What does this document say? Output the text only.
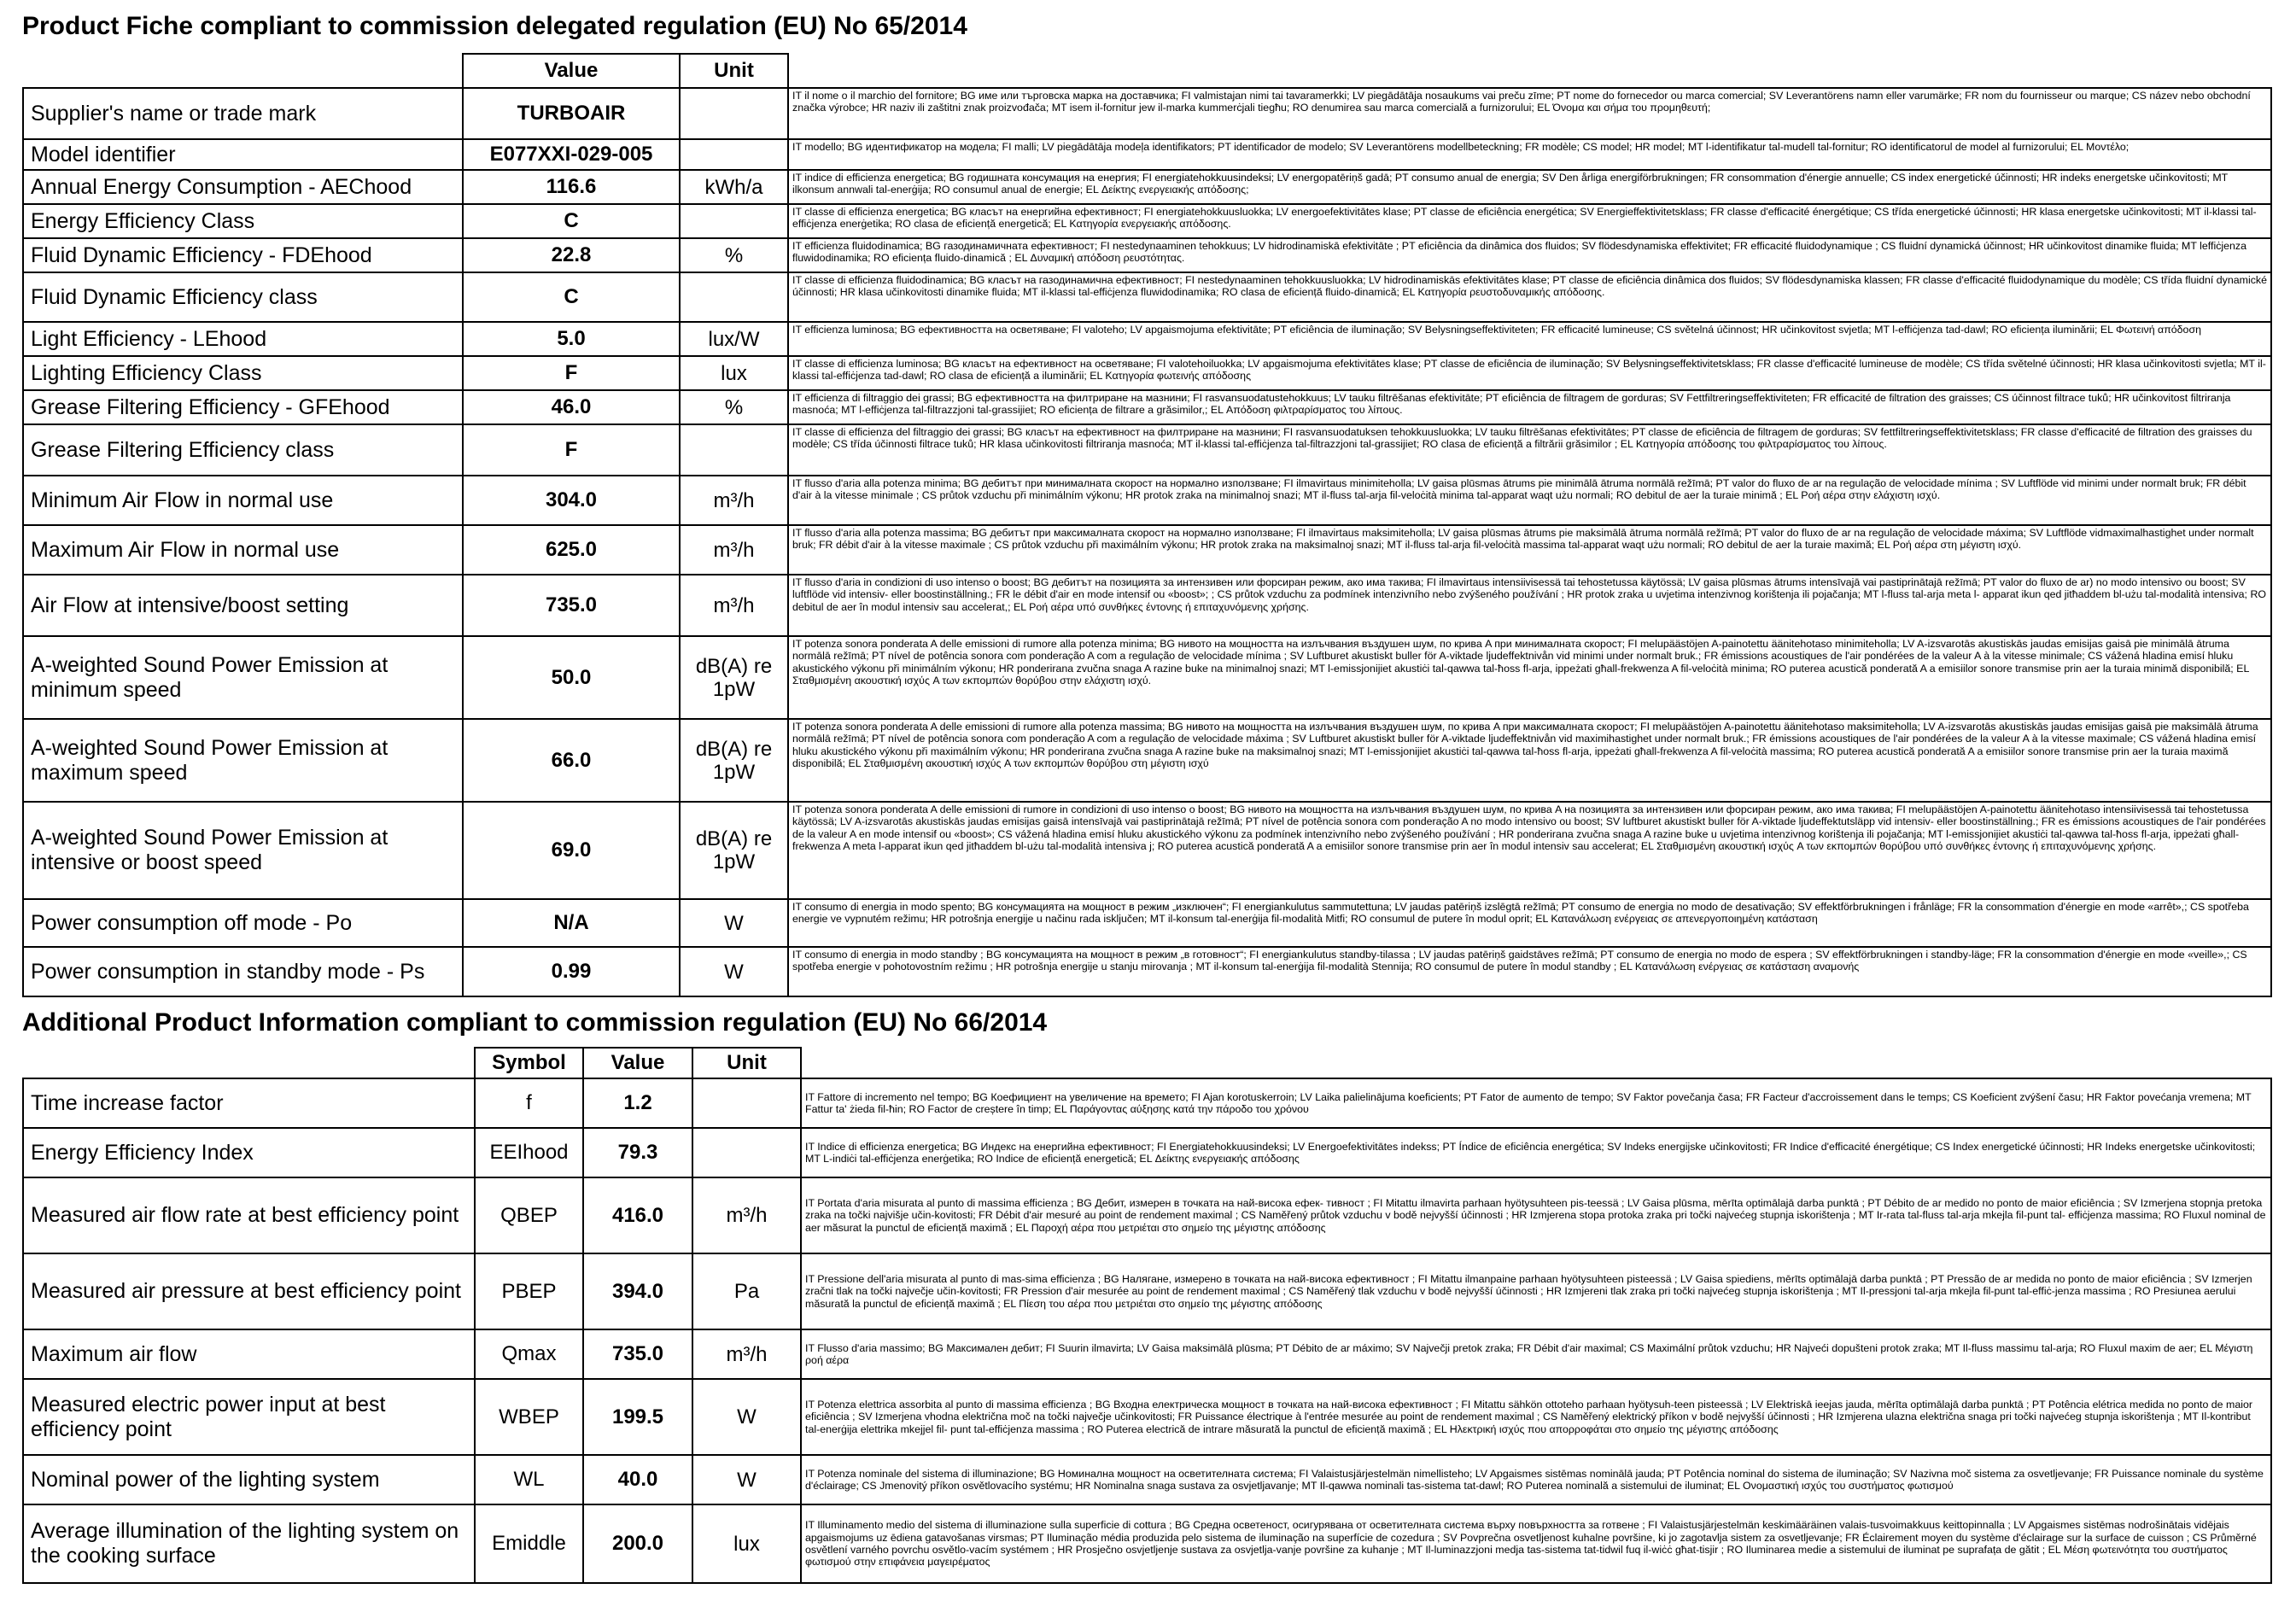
Product Fiche compliant to commission delegated regulation (EU) No 65/2014
	Value	Unit	
Supplier's name or trade mark	TURBOAIR		IT il nome o il marchio del fornitore; BG име или търговска марка на доставчика; FI valmistajan nimi tai tavaramerkki; LV piegādātāja nosaukums vai preču zīme; PT nome do fornecedor ou marca comercial; SV Leverantörens namn eller varumärke; FR nom du fournisseur ou marque; CS název nebo obchodní značka výrobce; HR naziv ili zaštitni znak proizvođača; MT isem il-fornitur jew il-marka kummerċjali tiegħu; RO denumirea sau marca comercială a furnizorului; EL Όνομα και σήμα του προμηθευτή;
Model identifier	E077XXI-029-005		IT modello; BG идентификатор на модела; FI malli; LV piegādātāja modeļa identifikators; PT identificador de modelo; SV Leverantörens modellbeteckning; FR modèle; CS model; HR model; MT l-identifikatur tal-mudell tal-fornitur; RO identificatorul de model al furnizorului; EL Μοντέλο;
Annual Energy Consumption - AEChood	116.6	kWh/a	IT indice di efficienza energetica; BG годишната консумация на енергия; FI energiatehokkuusindeksi; LV energopatēriņš gadā; PT consumo anual de energia; SV Den årliga energiförbrukningen; FR consommation d'énergie annuelle; CS index energetické účinnosti; HR indeks energetske učinkovitosti; MT ilkonsum annwali tal-enerġija; RO consumul anual de energie; EL Δείκτης ενεργειακής απόδοσης;
Energy Efficiency Class	C		IT classe di efficienza energetica; BG класът на енергийна ефективност; FI energiatehokkuusluokka; LV energoefektivitātes klase; PT classe de eficiência energética; SV Energieffektivitetsklass; FR classe d'efficacité énergétique; CS třída energetické účinnosti; HR klasa energetske učinkovitosti; MT il-klassi tal-effiċjenza enerġetika; RO clasa de eficiență energetică; EL Κατηγορία ενεργειακής απόδοσης.
Fluid Dynamic Efficiency - FDEhood	22.8	%	IT efficienza fluidodinamica; BG газодинамичната ефективност; FI nestedynaaminen tehokkuus; LV hidrodinamiskā efektivitāte ; PT eficiência da dinâmica dos fluidos; SV flödesdynamiska effektivitet; FR efficacité fluidodynamique ; CS fluidní dynamická účinnost; HR učinkovitost dinamike fluida; MT leffiċjenza fluwidodinamika; RO eficiența fluido-dinamică ; EL Δυναμική απόδοση ρευστότητας.
Fluid Dynamic Efficiency class	C		IT classe di efficienza fluidodinamica; BG класът на газодинамична ефективност; FI nestedynaaminen tehokkuusluokka; LV hidrodinamiskās efektivitātes klase; PT classe de eficiência dinâmica dos fluidos; SV flödesdynamiska klassen; FR classe d'efficacité fluidodynamique du modèle; CS třída fluidní dynamické účinnosti; HR klasa učinkovitosti dinamike fluida; MT il-klassi tal-effiċjenza fluwidodinamika; RO clasa de eficiență fluido-dinamică; EL Κατηγορία ρευστοδυναμικής απόδοσης.
Light Efficiency - LEhood	5.0	lux/W	IT efficienza luminosa; BG ефективността на осветяване; FI valoteho; LV apgaismojuma efektivitāte; PT eficiência de iluminação; SV Belysningseffektiviteten; FR efficacité lumineuse; CS světelná účinnost; HR učinkovitost svjetla; MT l-effiċjenza tad-dawl; RO eficiența iluminării; EL Φωτεινή απόδοση
Lighting Efficiency Class	F	lux	IT classe di efficienza luminosa; BG класът на ефективност на осветяване; FI valotehoiluokka; LV apgaismojuma efektivitātes klase; PT classe de eficiência de iluminação; SV Belysningseffektivitetsklass; FR classe d'efficacité lumineuse de modèle; CS třída světelné účinnosti; HR klasa učinkovitosti svjetla; MT il-klassi tal-effiċjenza tad-dawl; RO clasa de eficiență a iluminării; EL Κατηγορία φωτεινής απόδοσης
Grease Filtering Efficiency - GFEhood	46.0	%	IT efficienza di filtraggio dei grassi; BG ефективността на филтриране на мазнини; FI rasvansuodatustehokkuus; LV tauku filtrēšanas efektivitāte; PT eficiência de filtragem de gorduras; SV Fettfiltreringseffektiviteten; FR efficacité de filtration des graisses; CS účinnost filtrace tuků; HR učinkovitost filtriranja masnoća; MT l-effiċjenza tal-filtrazzjoni tal-grassijiet; RO eficiența de filtrare a grăsimilor,; EL Απόδοση φιλτραρίσματος του λίπους.
Grease Filtering Efficiency class	F		IT classe di efficienza del filtraggio dei grassi; BG класът на ефективност на филтриране на мазнини; FI rasvansuodatuksen tehokkuusluokka; LV tauku filtrēšanas efektivitātes; PT classe de eficiência de filtragem de gorduras; SV fettfiltreringseffektivitetsklass; FR classe d'efficacité de filtration des graisses du modèle; CS třída účinnosti filtrace tuků; HR klasa učinkovitosti filtriranja masnoća; MT il-klassi tal-effiċjenza tal-filtrazzjoni tal-grassijiet; RO clasa de eficiență a filtrării grăsimilor ; EL Κατηγορία απόδοσης του φιλτραρίσματος του λίπους.
Minimum Air Flow in normal use	304.0	m³/h	IT flusso d'aria alla potenza minima; BG дебитът при минималната скорост на нормално използване; FI ilmavirtaus minimiteholla; LV gaisa plūsmas ātrums pie minimālā ātruma normālā režīmā; PT valor do fluxo de ar na regulação de velocidade mínima ; SV Luftflöde vid minimi under normalt bruk; FR débit d'air à la vitesse minimale ; CS průtok vzduchu při minimálním výkonu; HR protok zraka na minimalnoj snazi; MT il-fluss tal-arja fil-veloċità minima tal-apparat waqt użu normali; RO debitul de aer la turaie minimă ; EL Ροή αέρα στην ελάχιστη ισχύ.
Maximum Air Flow in normal use	625.0	m³/h	IT flusso d'aria alla potenza massima; BG дебитът при максималната скорост на нормално използване; FI ilmavirtaus maksimiteholla; LV gaisa plūsmas ātrums pie maksimālā ātruma normālā režīmā; PT valor do fluxo de ar na regulação de velocidade máxima; SV Luftflöde vidmaximalhastighet under normalt bruk; FR débit d'air à la vitesse maximale ; CS průtok vzduchu při maximálním výkonu; HR protok zraka na maksimalnoj snazi; MT il-fluss tal-arja fil-veloċità massima tal-apparat waqt użu normali; RO debitul de aer la turaie maximă; EL Ροή αέρα στη μέγιστη ισχύ.
Air Flow at intensive/boost setting	735.0	m³/h	IT flusso d'aria in condizioni di uso intenso o boost; BG дебитът на позицията за интензивен или форсиран режим, ако има такива; FI ilmavirtaus intensiivisessä tai tehostetussa käytössä; LV gaisa plūsmas ātrums intensīvajā vai pastiprinātajā režīmā; PT valor do fluxo de ar) no modo intensivo ou boost; SV luftflöde vid intensiv- eller boostinställning.; FR le débit d'air en mode intensif ou «boost»; ; CS průtok vzduchu za podmínek intenzivního nebo zvýšeného používání ; HR protok zraka u uvjetima intenzivnog korištenja ili pojačanja; MT l-fluss tal-arja meta l- apparat ikun qed jitħaddem bl-użu tal-modalità intensiva; RO debitul de aer în modul intensiv sau accelerat,; EL Ροή αέρα υπό συνθήκες έντονης ή επιταχυνόμενης χρήσης.
A-weighted Sound Power Emission at minimum speed	50.0	dB(A) re 1pW	IT potenza sonora ponderata A delle emissioni di rumore alla potenza minima; BG нивото на мощността на излъчвания въздушен шум, по крива A при минималната скорост; FI melupäästöjen A-painotettu äänitehotaso minimiteholla; LV A-izsvarotās akustiskās jaudas emisijas gaisā pie minimālā ātruma normālā režīmā; PT nível de potência sonora com ponderação A com a regulação de velocidade mínima ; SV Luftburet akustiskt buller för A-viktade ljudeffektnivån vid minimi under normalt bruk.; FR émissions acoustiques de l'air pondérées de la valeur A à la vitesse minimale; CS vážená hladina emisí hluku akustického výkonu při minimálním výkonu; HR ponderirana zvučna snaga A razine buke na minimalnoj snazi; MT l-emissjonijiet akustiċi tal-qawwa tal-ħoss fl-arja, ippeżati għall-frekwenza A fil-veloċità minima; RO puterea acustică ponderată A a emisiilor sonore transmise prin aer la turaia minimă disponibilă; EL Σταθμισμένη ακουστική ισχύς A των εκπομπών θορύβου στην ελάχιστη ισχύ.
A-weighted Sound Power Emission at maximum speed	66.0	dB(A) re 1pW	IT potenza sonora ponderata A delle emissioni di rumore alla potenza massima; BG нивото на мощността на излъчвания въздушен шум, по крива A при максималната скорост; FI melupäästöjen A-painotettu äänitehotaso maksimiteholla; LV A-izsvarotās akustiskās jaudas emisijas gaisā pie maksimālā ātruma normālā režīmā; PT nível de potência sonora com ponderação A com a regulação de velocidade máxima ; SV Luftburet akustiskt buller för A-viktade ljudeffektnivån vid maximihastighet under normalt bruk.; FR émissions acoustiques de l'air pondérées de la valeur A à la vitesse maximale; CS vážená hladina emisí hluku akustického výkonu při maximálním výkonu; HR ponderirana zvučna snaga A razine buke na maksimalnoj snazi; MT l-emissjonijiet akustiċi tal-qawwa tal-ħoss fl-arja, ippeżati għall-frekwenza A fil-veloċità massima; RO puterea acustică ponderată A a emisiilor sonore transmise prin aer la turaia maximă disponibilă; EL Σταθμισμένη ακουστική ισχύς A των εκπομπών θορύβου στη μέγιστη ισχύ
A-weighted Sound Power Emission at intensive or boost speed	69.0	dB(A) re 1pW	IT potenza sonora ponderata A delle emissioni di rumore in condizioni di uso intenso o boost; BG нивото на мощността на излъчвания въздушен шум, по крива A на позицията за интензивен или форсиран режим, ако има такива; FI melupäästöjen A-painotettu äänitehotaso intensiivisessä tai tehostetussa käytössä; LV A-izsvarotās akustiskās jaudas emisijas gaisā intensīvajā vai pastiprinātajā režīmā; PT nível de potência sonora com ponderação A no modo intensivo ou boost; SV luftburet akustiskt buller för A-viktade ljudeffektutsläpp vid intensiv- eller boostinställning.; FR es émissions acoustiques de l'air pondérées de la valeur A en mode intensif ou «boost»; CS vážená hladina emisí hluku akustického výkonu za podmínek intenzivního nebo zvýšeného používání ; HR ponderirana zvučna snaga A razine buke u uvjetima intenzivnog korištenja ili pojačanja; MT l-emissjonijiet akustiċi tal-qawwa tal-ħoss fl-arja, ippeżati għall-frekwenza A meta l-apparat ikun qed jitħaddem bl-użu tal-modalità intensiva j; RO puterea acustică ponderată A a emisiilor sonore transmise prin aer în modul intensiv sau accelerat; EL Σταθμισμένη ακουστική ισχύς A των εκπομπών θορύβου υπό συνθήκες έντονης ή επιταχυνόμενης χρήσης.
Power consumption off mode - Po	N/A	W	IT consumo di energia in modo spento; BG консумацията на мощност в режим „изключен“; FI energiankulutus sammutettuna; LV jaudas patēriņš izslēgtā režīmā; PT consumo de energia no modo de desativação; SV effektförbrukningen i frånläge; FR la consommation d'énergie en mode «arrêt»,; CS spotřeba energie ve vypnutém režimu; HR potrošnja energije u načinu rada isključen; MT il-konsum tal-enerġija fil-modalità Mitfi; RO consumul de putere în modul oprit; EL Κατανάλωση ενέργειας σε απενεργοποιημένη κατάσταση
Power consumption in standby mode - Ps	0.99	W	IT consumo di energia in modo standby ; BG консумацията на мощност в режим „в готовност“; FI energiankulutus standby-tilassa ; LV jaudas patēriņš gaidstāves režīmā; PT consumo de energia no modo de espera ; SV effektförbrukningen i standby-läge; FR la consommation d'énergie en mode «veille»,; CS spotřeba energie v pohotovostním režimu ; HR potrošnja energije u stanju mirovanja ; MT il-konsum tal-enerġija fil-modalità Stennija; RO consumul de putere în modul standby ; EL Κατανάλωση ενέργειας σε κατάσταση αναμονής
Additional Product Information compliant to commission regulation (EU) No 66/2014
	Symbol	Value	Unit	
Time increase factor	f	1.2		IT Fattore di incremento nel tempo; BG Коефициент на увеличение на времето; FI Ajan korotuskerroin; LV Laika palielinājuma koeficients; PT Fator de aumento de tempo; SV Faktor povečanja časa; FR Facteur d'accroissement dans le temps; CS Koeficient zvýšení času; HR Faktor povećanja vremena; MT Fattur ta' żieda fil-ħin; RO Factor de creștere în timp; EL Παράγοντας αύξησης κατά την πάροδο του χρόνου
Energy Efficiency Index	EEIhood	79.3		IT Indice di efficienza energetica; BG Индекс на енергийна ефективност; FI Energiatehokkuusindeksi; LV Energoefektivitātes indekss; PT Índice de eficiência energética; SV Indeks energijske učinkovitosti; FR Indice d'efficacité énergétique; CS Index energetické účinnosti; HR Indeks energetske učinkovitosti; MT L-indiċi tal-effiċjenza enerġetika; RO Indice de eficiență energetică; EL Δείκτης ενεργειακής απόδοσης
Measured air flow rate at best efficiency point	QBEP	416.0	m³/h	IT Portata d'aria misurata al punto di massima efficienza ; BG Дебит, измерен в точката на най-висока ефек- тивност ; FI Mitattu ilmavirta parhaan hyötysuhteen pis-teessä ; LV Gaisa plūsma, mērīta optimālajā darba punktā ; PT Débito de ar medido no ponto de maior eficiência ; SV Izmerjena stopnja pretoka zraka na točki najvišje učin-kovitosti; FR Débit d'air mesuré au point de rendement maximal ; CS Naměřený průtok vzduchu v bodě nejvyšší účinnosti ; HR Izmjerena stopa protoka zraka pri točki najvećeg stupnja iskorištenja ; MT Ir-rata tal-fluss tal-arja mkejla fil-punt tal- effiċjenza massima; RO Fluxul nominal de aer măsurat la punctul de eficiență maximă ; EL Παροχή αέρα που μετριέται στο σημείο της μέγιστης απόδοσης
Measured air pressure at best efficiency point	PBEP	394.0	Pa	IT Pressione dell'aria misurata al punto di mas-sima efficienza ; BG Налягане, измерено в точката на най-висока ефективност ; FI Mitattu ilmanpaine parhaan hyötysuhteen pisteessä ; LV Gaisa spiediens, mērīts optimālajā darba punktā ; PT Pressão de ar medida no ponto de maior eficiência ; SV Izmerjen zračni tlak na točki največje učin-kovitosti; FR Pression d'air mesurée au point de rendement maximal ; CS Naměřený tlak vzduchu v bodě nejvyšší účinnosti ; HR Izmjereni tlak zraka pri točki najvećeg stupnja iskorištenja ; MT Il-pressjoni tal-arja mkejla fil-punt tal-effiċ-jenza massima ; RO Presiunea aerului măsurată la punctul de eficiență maximă ; EL Πίεση του αέρα που μετριέται στο σημείο της μέγιστης απόδοσης
Maximum air flow	Qmax	735.0	m³/h	IT Flusso d'aria massimo; BG Максимален дебит; FI Suurin ilmavirta; LV Gaisa maksimālā plūsma; PT Débito de ar máximo; SV Največji pretok zraka; FR Débit d'air maximal; CS Maximální průtok vzduchu; HR Najveći dopušteni protok zraka; MT Il-fluss massimu tal-arja; RO Fluxul maxim de aer; EL Μέγιστη ροή αέρα
Measured electric power input at best efficiency point	WBEP	199.5	W	IT Potenza elettrica assorbita al punto di massima efficienza ; BG Входна електрическа мощност в точката на най-висока ефективност ; FI Mitattu sähkön ottoteho parhaan hyötysuh-teen pisteessä ; LV Elektriskā ieejas jauda, mērīta optimālajā darba punktā ; PT Potência elétrica medida no ponto de maior eficiência ; SV Izmerjena vhodna električna moč na točki največje učinkovitosti; FR Puissance électrique à l'entrée mesurée au point de rendement maximal ; CS Naměřený elektrický příkon v bodě nejvyšší účinnosti ; HR Izmjerena ulazna električna snaga pri točki najvećeg stupnja iskorištenja ; MT Il-kontribut tal-enerġija elettrika mkejjel fil- punt tal-effiċjenza massima ; RO Puterea electrică de intrare măsurată la punctul de eficiență maximă ; EL Ηλεκτρική ισχύς που απορροφάται στο σημείο της μέγιστης απόδοσης
Nominal power of the lighting system	WL	40.0	W	IT Potenza nominale del sistema di illuminazione; BG Номинална мощност на осветителната система; FI Valaistusjärjestelmän nimellisteho; LV Apgaismes sistēmas nominālā jauda; PT Potência nominal do sistema de iluminação; SV Nazivna moč sistema za osvetljevanje; FR Puissance nominale du système d'éclairage; CS Jmenovitý příkon osvětlovacího systému; HR Nominalna snaga sustava za osvjetljavanje; MT Il-qawwa nominali tas-sistema tat-dawl; RO Puterea nominală a sistemului de iluminat; EL Ονομαστική ισχύς του συστήματος φωτισμού
Average illumination of the lighting system on the cooking surface	Emiddle	200.0	lux	IT Illuminamento medio del sistema di illuminazione sulla superficie di cottura ; BG Средна осветеност, осигурявана от осветителната система върху повърхността за готвене ; FI Valaistusjärjestelmän keskimääräinen valais-tusvoimakkuus keittopinnalla ; LV Apgaismes sistēmas nodrošinātais vidējais apgaismojums uz ēdiena gatavošanas virsmas; PT Iluminação média produzida pelo sistema de iluminação na superfície de cozedura ; SV Povprečna osvetljenost kuhalne površine, ki jo zagotavlja sistem za osvetljevanje; FR Éclairement moyen du système d'éclairage sur la surface de cuisson ; CS Průměrné osvětlení varného povrchu osvětlo-vacím systémem ; HR Prosječno osvjetljenje sustava za osvjetlja-vanje površine za kuhanje ; MT Il-luminazzjoni medja tas-sistema tat-tidwil fuq il-wiċċ għat-tisjir ; RO Iluminarea medie a sistemului de iluminat pe suprafața de gătit ; EL Μέση φωτεινότητα του συστήματος φωτισμού στην επιφάνεια μαγειρέματος
